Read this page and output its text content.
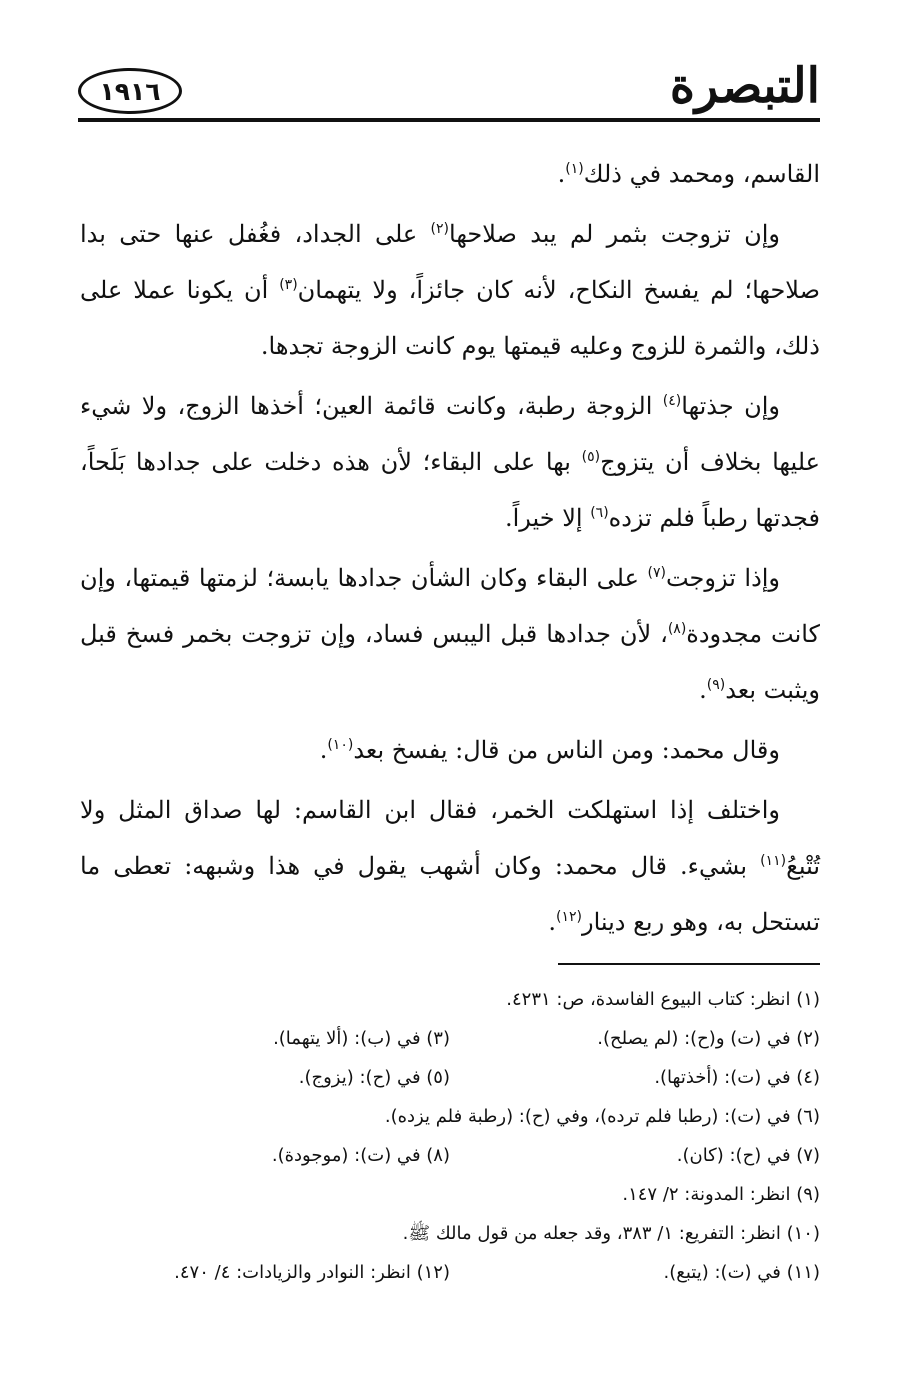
التبصرة
١٩١٦

القاسم، ومحمد في ذلك$^{(١)}$.

وإن تزوجت بثمر لم يبد صلاحها$^{(٢)}$ على الجداد، فغُفل عنها حتى بدا صلاحها؛ لم يفسخ النكاح، لأنه كان جائزاً، ولا يتهمان$^{(٣)}$ أن يكونا عملا على ذلك، والثمرة للزوج وعليه قيمتها يوم كانت الزوجة تجدها.

وإن جذتها$^{(٤)}$ الزوجة رطبة، وكانت قائمة العين؛ أخذها الزوج، ولا شيء عليها بخلاف أن يتزوج$^{(٥)}$ بها على البقاء؛ لأن هذه دخلت على جدادها بَلَحاً، فجدتها رطباً فلم تزده$^{(٦)}$ إلا خيراً.

وإذا تزوجت$^{(٧)}$ على البقاء وكان الشأن جدادها يابسة؛ لزمتها قيمتها، وإن كانت مجدودة$^{(٨)}$، لأن جدادها قبل اليبس فساد، وإن تزوجت بخمر فسخ قبل ويثبت بعد$^{(٩)}$.

وقال محمد: ومن الناس من قال: يفسخ بعد$^{(١٠)}$.

واختلف إذا استهلكت الخمر، فقال ابن القاسم: لها صداق المثل ولا تُتْبعُ$^{(١١)}$ بشيء. قال محمد: وكان أشهب يقول في هذا وشبهه: تعطى ما تستحل به، وهو ربع دينار$^{(١٢)}$.

(١) انظر: كتاب البيوع الفاسدة، ص: ٤٢٣١.
(٢) في (ت) و(ح): (لم يصلح).
(٣) في (ب): (ألا يتهما).
(٤) في (ت): (أخذتها).
(٥) في (ح): (يزوج).
(٦) في (ت): (رطبا فلم ترده)، وفي (ح): (رطبة فلم يزده).
(٧) في (ح): (كان).
(٨) في (ت): (موجودة).
(٩) انظر: المدونة: ٢/ ١٤٧.
(١٠) انظر: التفريع: ١/ ٣٨٣، وقد جعله من قول مالك ﷺ.
(١١) في (ت): (يتبع).
(١٢) انظر: النوادر والزيادات: ٤/ ٤٧٠.
